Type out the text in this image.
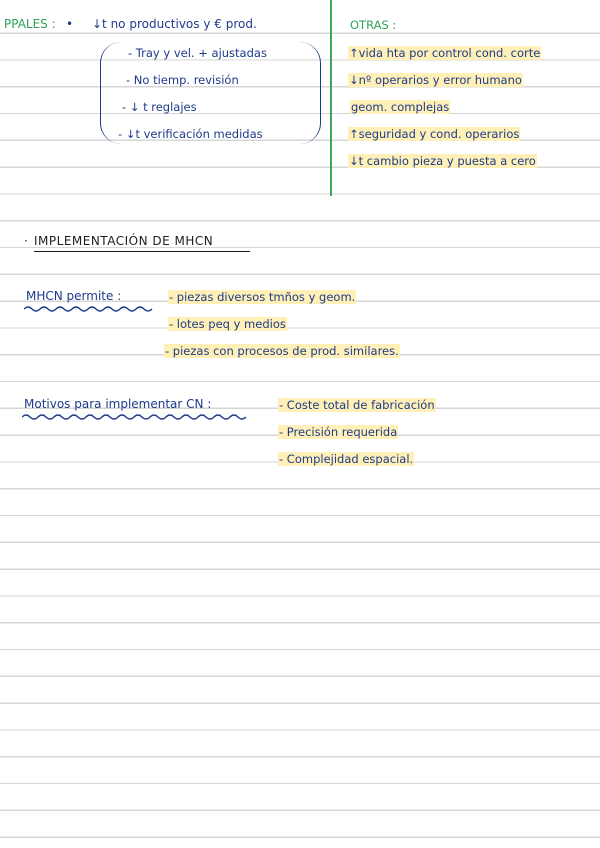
PPALES : • ↓t no productivos y € prod.
- Tray y vel. + ajustadas
- No tiemp. revisión
- ↓ t reglajes
- ↓t verificación medidas
OTRAS :
↑vida hta por control cond. corte
↓nº operarios y error humano
geom. complejas
↑seguridad y cond. operarios
↓t cambio pieza y puesta a cero
· IMPLEMENTACIÓN DE MHCN
MHCN permite :	- piezas diversos tmños y geom.
- lotes peq y medios
- piezas con procesos de prod. similares.
Motivos para implementar CN :	- Coste total de fabricación
- Precisión requerida
- Complejidad espacial.
